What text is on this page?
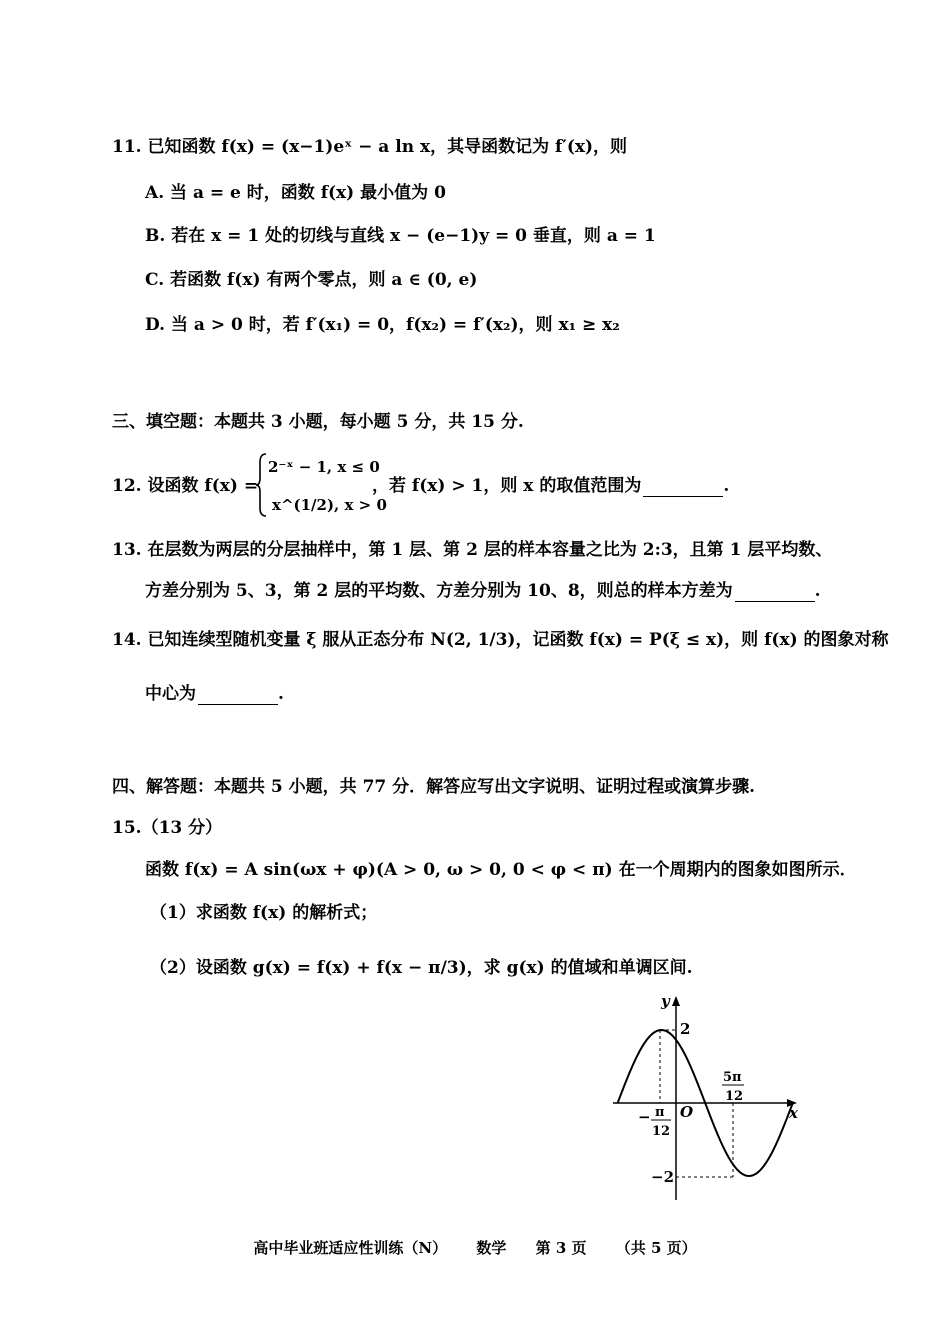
11. 已知函数 f(x) = (x−1)eˣ − a ln x，其导函数记为 f′(x)，则
A. 当 a = e 时，函数 f(x) 最小值为 0
B. 若在 x = 1 处的切线与直线 x − (e−1)y = 0 垂直，则 a = 1
C. 若函数 f(x) 有两个零点，则 a ∈ (0, e)
D. 当 a > 0 时，若 f′(x₁) = 0，f(x₂) = f′(x₂)，则 x₁ ≥ x₂
三、填空题：本题共 3 小题，每小题 5 分，共 15 分.
12. 设函数 f(x) =
2⁻ˣ − 1, x ≤ 0
x^(1/2), x > 0
，若 f(x) > 1，则 x 的取值范围为	.
13. 在层数为两层的分层抽样中，第 1 层、第 2 层的样本容量之比为 2:3，且第 1 层平均数、
方差分别为 5、3，第 2 层的平均数、方差分别为 10、8，则总的样本方差为	.
14. 已知连续型随机变量 ξ 服从正态分布 N(2, 1/3)，记函数 f(x) = P(ξ ≤ x)，则 f(x) 的图象对称
中心为	.
四、解答题：本题共 5 小题，共 77 分．解答应写出文字说明、证明过程或演算步骤.
15.（13 分）
函数 f(x) = A sin(ωx + φ)(A > 0, ω > 0, 0 < φ < π) 在一个周期内的图象如图所示．
（1）求函数 f(x) 的解析式；
（2）设函数 g(x) = f(x) + f(x − π/3)，求 g(x) 的值域和单调区间.
y
x
O
2
−2
− π
12
5π
12
高中毕业班适应性训练（N） 数学 第 3 页 （共 5 页）
